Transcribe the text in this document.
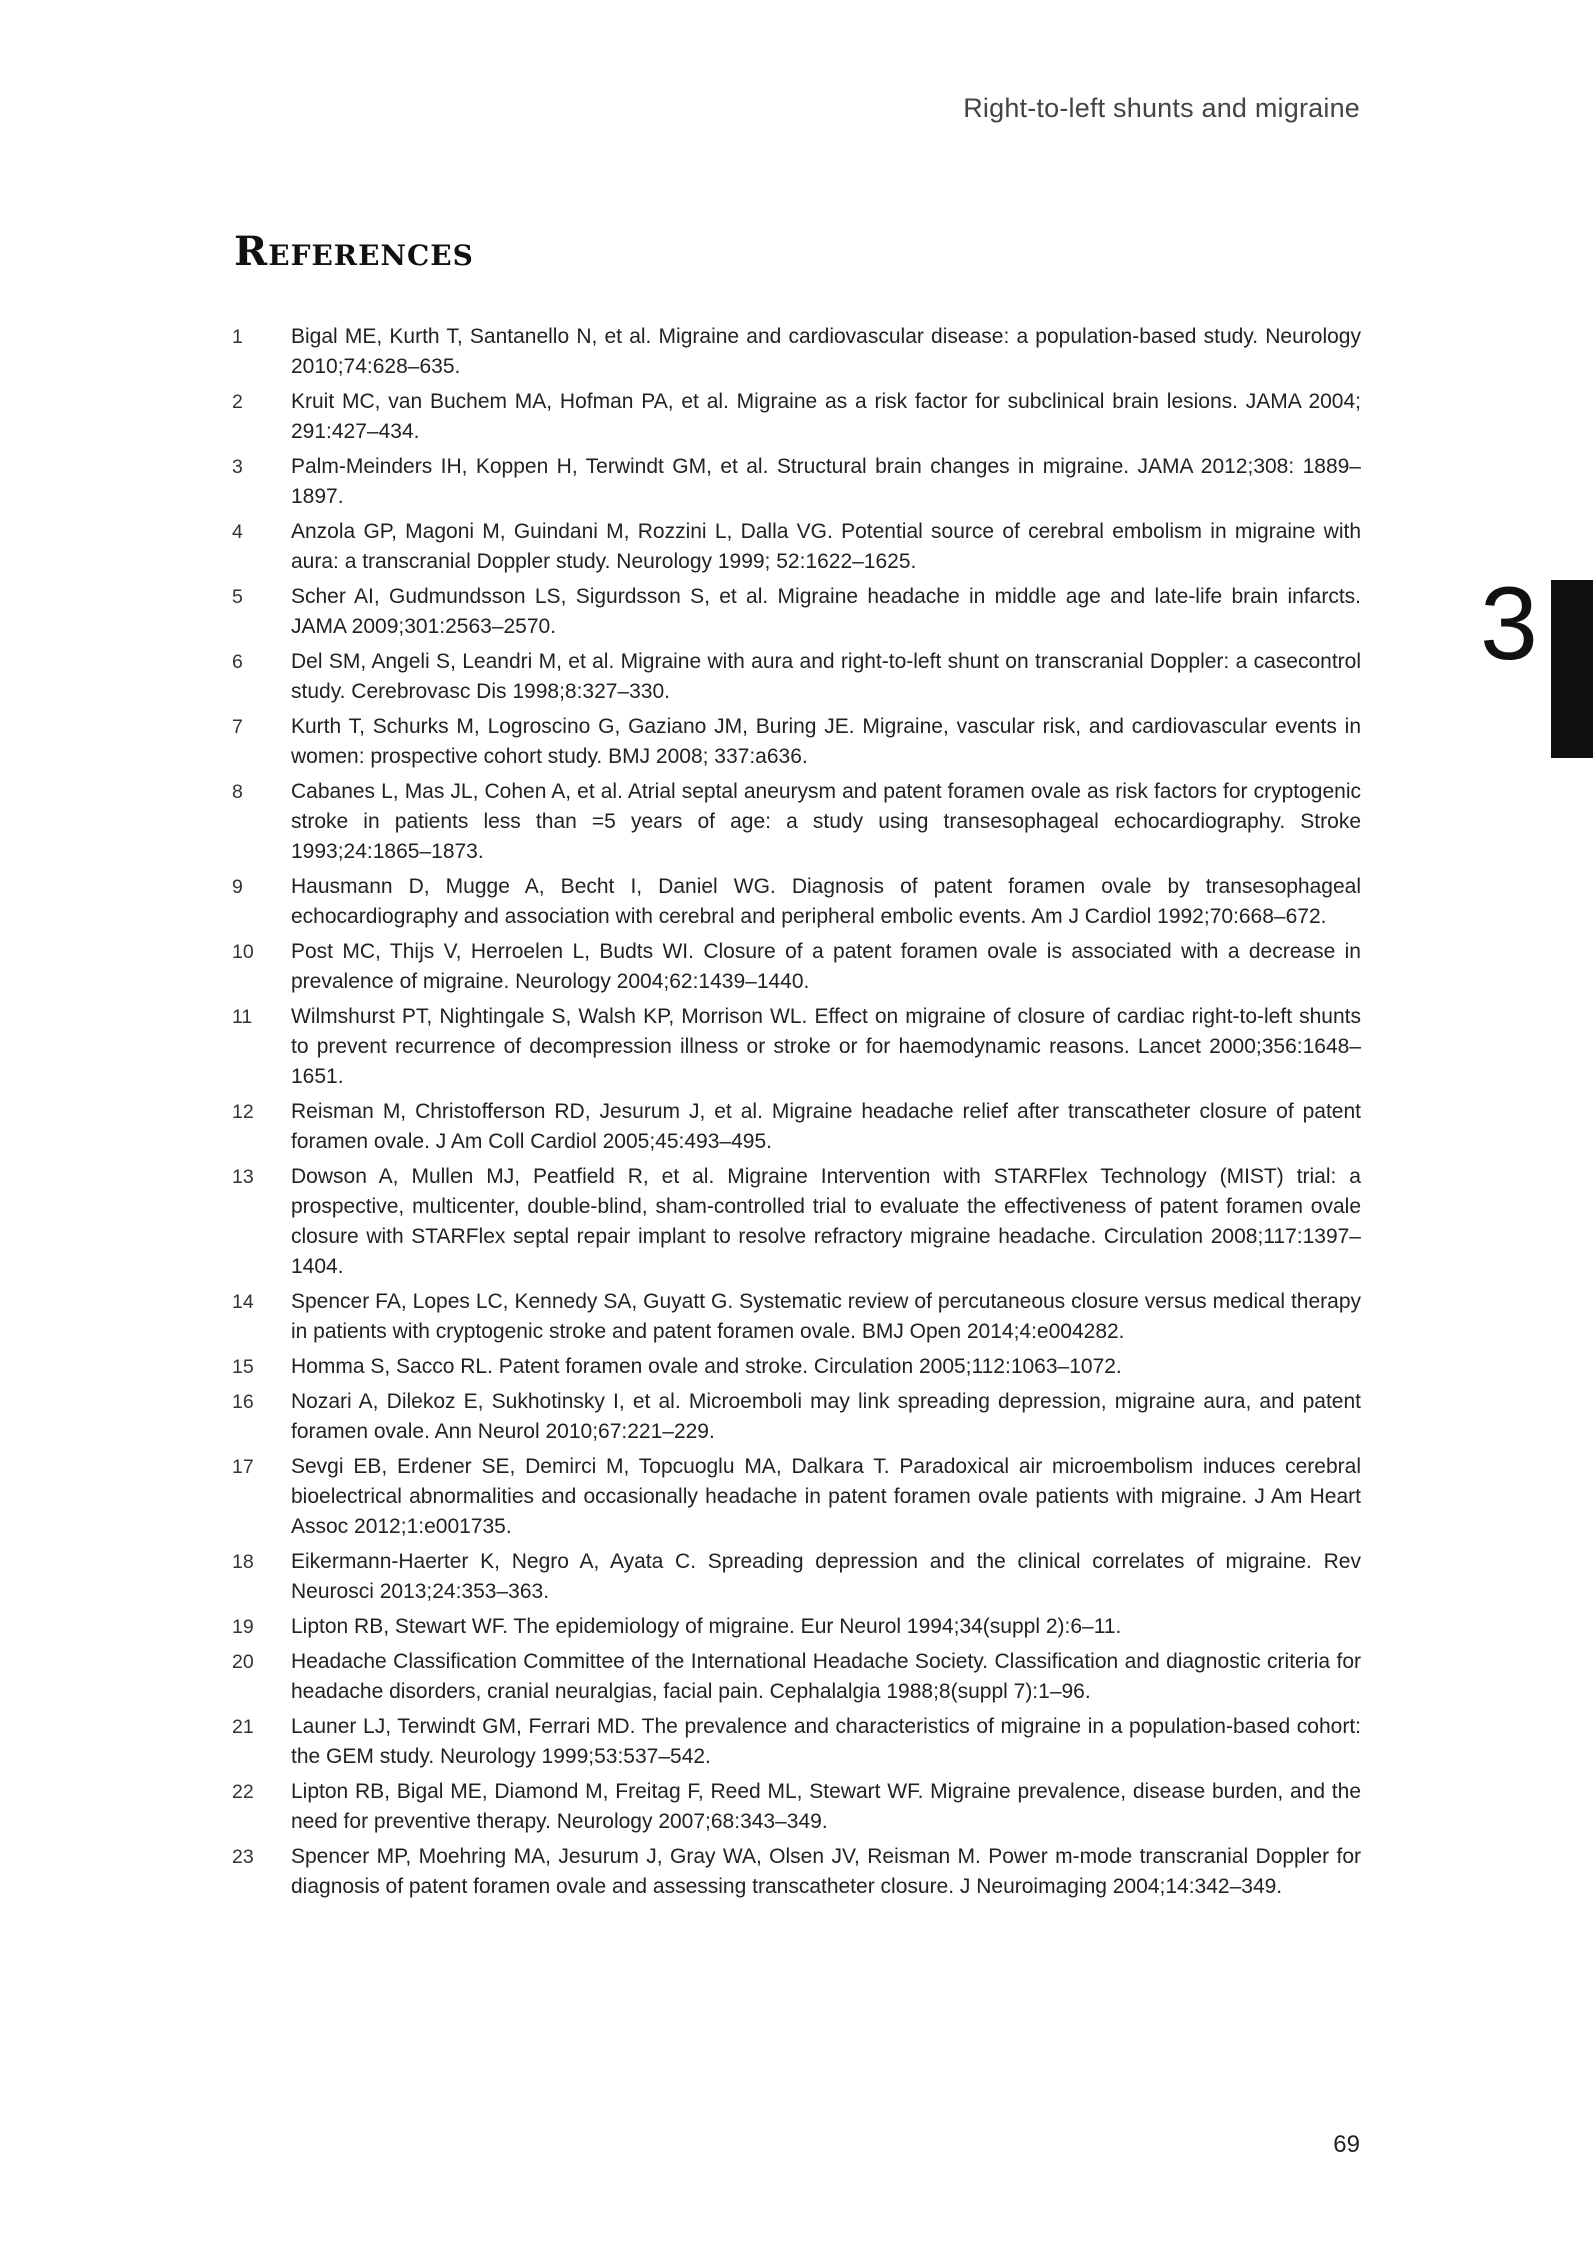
Right-to-left shunts and migraine
References
1	Bigal ME, Kurth T, Santanello N, et al. Migraine and cardiovascular disease: a population-based study. Neurology 2010;74:628–635.
2	Kruit MC, van Buchem MA, Hofman PA, et al. Migraine as a risk factor for subclinical brain lesions. JAMA 2004; 291:427–434.
3	Palm-Meinders IH, Koppen H, Terwindt GM, et al. Structural brain changes in migraine. JAMA 2012;308: 1889–1897.
4	Anzola GP, Magoni M, Guindani M, Rozzini L, Dalla VG. Potential source of cerebral embolism in migraine with aura: a transcranial Doppler study. Neurology 1999; 52:1622–1625.
5	Scher AI, Gudmundsson LS, Sigurdsson S, et al. Migraine headache in middle age and late-life brain infarcts. JAMA 2009;301:2563–2570.
6	Del SM, Angeli S, Leandri M, et al. Migraine with aura and right-to-left shunt on transcranial Doppler: a casecontrol study. Cerebrovasc Dis 1998;8:327–330.
7	Kurth T, Schurks M, Logroscino G, Gaziano JM, Buring JE. Migraine, vascular risk, and cardiovascular events in women: prospective cohort study. BMJ 2008; 337:a636.
8	Cabanes L, Mas JL, Cohen A, et al. Atrial septal aneurysm and patent foramen ovale as risk factors for cryptogenic stroke in patients less than =5 years of age: a study using transesophageal echocardiography. Stroke 1993;24:1865–1873.
9	Hausmann D, Mugge A, Becht I, Daniel WG. Diagnosis of patent foramen ovale by transesophageal echocardiography and association with cerebral and peripheral embolic events. Am J Cardiol 1992;70:668–672.
10	Post MC, Thijs V, Herroelen L, Budts WI. Closure of a patent foramen ovale is associated with a decrease in prevalence of migraine. Neurology 2004;62:1439–1440.
11	Wilmshurst PT, Nightingale S, Walsh KP, Morrison WL. Effect on migraine of closure of cardiac right-to-left shunts to prevent recurrence of decompression illness or stroke or for haemodynamic reasons. Lancet 2000;356:1648–1651.
12	Reisman M, Christofferson RD, Jesurum J, et al. Migraine headache relief after transcatheter closure of patent foramen ovale. J Am Coll Cardiol 2005;45:493–495.
13	Dowson A, Mullen MJ, Peatfield R, et al. Migraine Intervention with STARFlex Technology (MIST) trial: a prospective, multicenter, double-blind, sham-controlled trial to evaluate the effectiveness of patent foramen ovale closure with STARFlex septal repair implant to resolve refractory migraine headache. Circulation 2008;117:1397–1404.
14	Spencer FA, Lopes LC, Kennedy SA, Guyatt G. Systematic review of percutaneous closure versus medical therapy in patients with cryptogenic stroke and patent foramen ovale. BMJ Open 2014;4:e004282.
15	Homma S, Sacco RL. Patent foramen ovale and stroke. Circulation 2005;112:1063–1072.
16	Nozari A, Dilekoz E, Sukhotinsky I, et al. Microemboli may link spreading depression, migraine aura, and patent foramen ovale. Ann Neurol 2010;67:221–229.
17	Sevgi EB, Erdener SE, Demirci M, Topcuoglu MA, Dalkara T. Paradoxical air microembolism induces cerebral bioelectrical abnormalities and occasionally headache in patent foramen ovale patients with migraine. J Am Heart Assoc 2012;1:e001735.
18	Eikermann-Haerter K, Negro A, Ayata C. Spreading depression and the clinical correlates of migraine. Rev Neurosci 2013;24:353–363.
19	Lipton RB, Stewart WF. The epidemiology of migraine. Eur Neurol 1994;34(suppl 2):6–11.
20	Headache Classification Committee of the International Headache Society. Classification and diagnostic criteria for headache disorders, cranial neuralgias, facial pain. Cephalalgia 1988;8(suppl 7):1–96.
21	Launer LJ, Terwindt GM, Ferrari MD. The prevalence and characteristics of migraine in a population-based cohort: the GEM study. Neurology 1999;53:537–542.
22	Lipton RB, Bigal ME, Diamond M, Freitag F, Reed ML, Stewart WF. Migraine prevalence, disease burden, and the need for preventive therapy. Neurology 2007;68:343–349.
23	Spencer MP, Moehring MA, Jesurum J, Gray WA, Olsen JV, Reisman M. Power m-mode transcranial Doppler for diagnosis of patent foramen ovale and assessing transcatheter closure. J Neuroimaging 2004;14:342–349.
3
69
